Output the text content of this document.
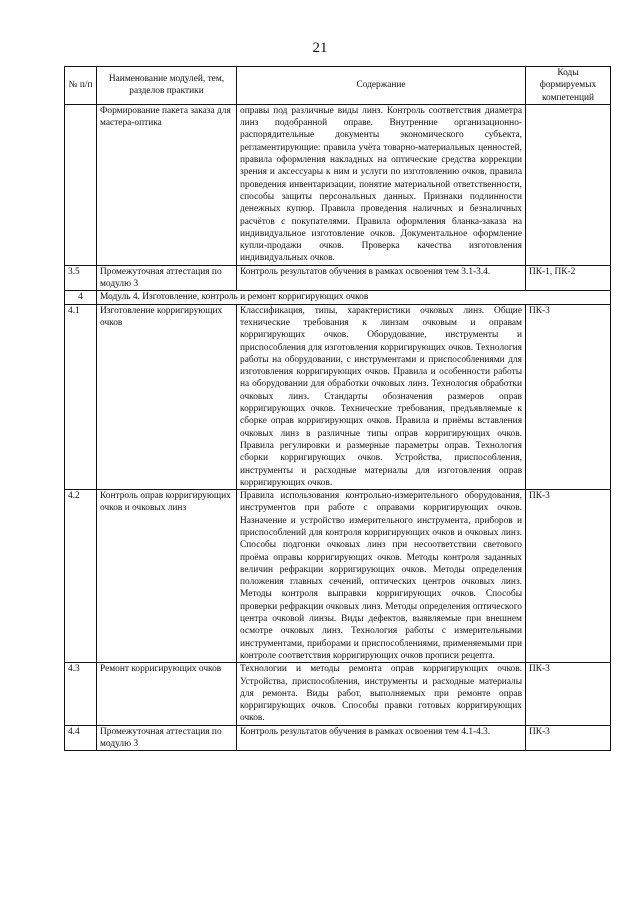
21
№ п/п	Наименование модулей, тем, разделов практики	Содержание	Коды формируемых компетенций
	Формирование пакета заказа для мастера-оптика	оправы под различные виды линз. Контроль соответствия диаметра линз подобранной оправе. Внутренние организационно-распорядительные документы экономического субъекта, регламентирующие: правила учёта товарно-материальных ценностей, правила оформления накладных на оптические средства коррекции зрения и аксессуары к ним и услуги по изготовлению очков, правила проведения инвентаризации, понятие материальной ответственности, способы защиты персональных данных. Признаки подлинности денежных купюр. Правила проведения наличных и безналичных расчётов с покупателями. Правила оформления бланка-заказа на индивидуальное изготовление очков. Документальное оформление купли-продажи очков. Проверка качества изготовления индивидуальных очков.	
3.5	Промежуточная аттестация по модулю 3	Контроль результатов обучения в рамках освоения тем 3.1-3.4.	ПК-1, ПК-2
4	Модуль 4. Изготовление, контроль и ремонт корригирующих очков		
4.1	Изготовление корригирующих очков	Классификация, типы, характеристики очковых линз. Общие технические требования к линзам очковым и оправам корригирующих очков. Оборудование, инструменты и приспособления для изготовления корригирующих очков. Технология работы на оборудовании, с инструментами и приспособлениями для изготовления корригирующих очков. Правила и особенности работы на оборудовании для обработки очковых линз. Технология обработки очковых линз. Стандарты обозначения размеров оправ корригирующих очков. Технические требования, предъявляемые к сборке оправ корригирующих очков. Правила и приёмы вставления очковых линз в различные типы оправ корригирующих очков. Правила регулировки и размерные параметры оправ. Технология сборки корригирующих очков. Устройства, приспособления, инструменты и расходные материалы для изготовления оправ корригирующих очков.	ПК-3
4.2	Контроль оправ корригирующих очков и очковых линз	Правила использования контрольно-измерительного оборудования, инструментов при работе с оправами корригирующих очков. Назначение и устройство измерительного инструмента, приборов и приспособлений для контроля корригирующих очков и очковых линз. Способы подгонки очковых линз при несоответствии светового проёма оправы корригирующих очков. Методы контроля заданных величин рефракции корригирующих очков. Методы определения положения главных сечений, оптических центров очковых линз. Методы контроля выправки корригирующих очков. Способы проверки рефракции очковых линз. Методы определения оптического центра очковой линзы. Виды дефектов, выявляемые при внешнем осмотре очковых линз. Технология работы с измерительными инструментами, приборами и приспособлениями, применяемыми при контроле соответствия корригирующих очков прописи рецепта.	ПК-3
4.3	Ремонт корригирующих очков	Технологии и методы ремонта оправ корригирующих очков. Устройства, приспособления, инструменты и расходные материалы для ремонта. Виды работ, выполняемых при ремонте оправ корригирующих очков. Способы правки готовых корригирующих очков.	ПК-3
4.4	Промежуточная аттестация по модулю 3	Контроль результатов обучения в рамках освоения тем 4.1-4.3.	ПК-3
